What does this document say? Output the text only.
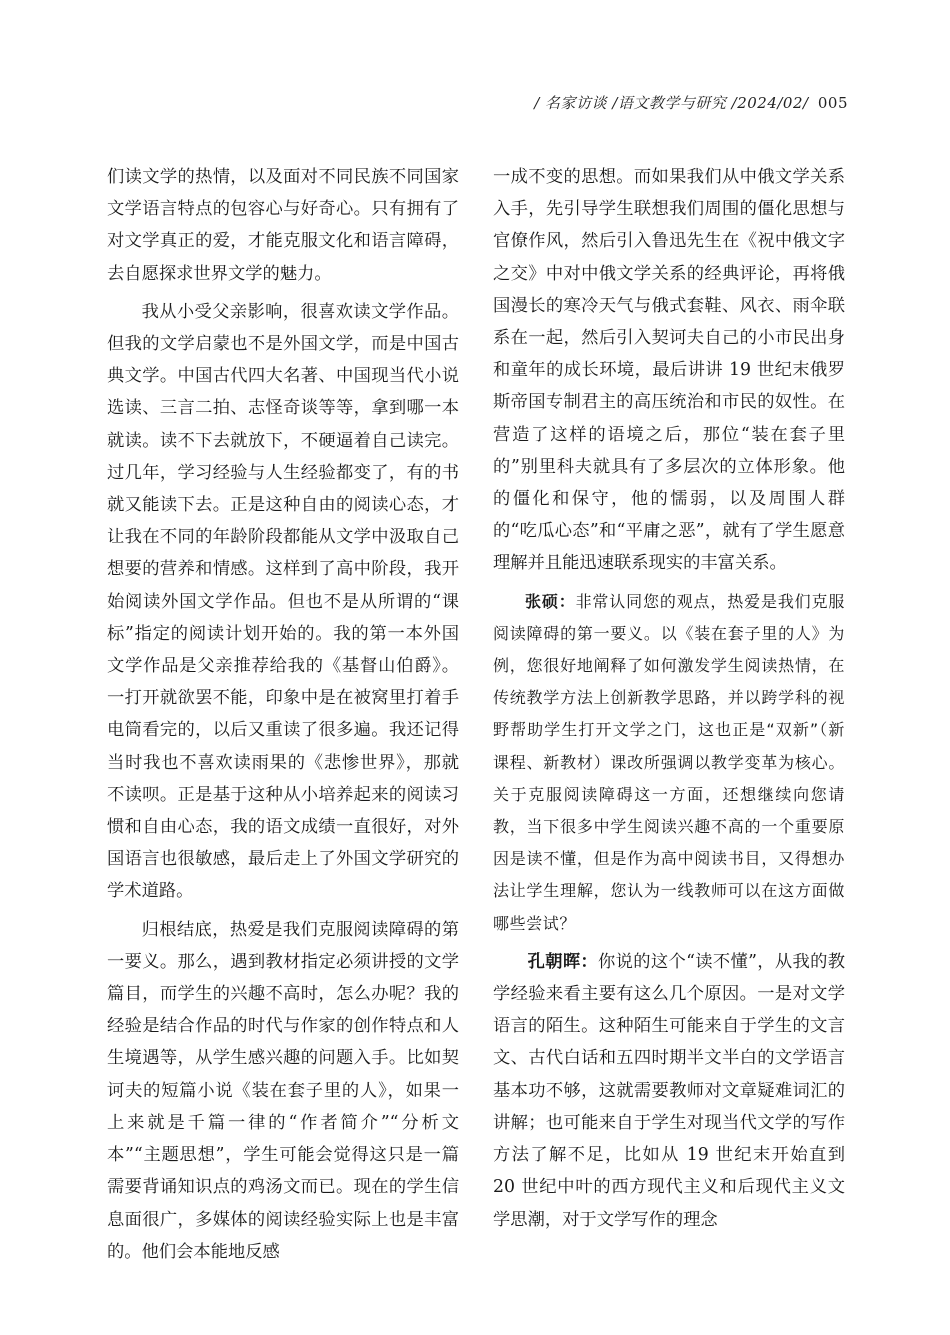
/ 名家访谈 /语文教学与研究 /2024/02/ 005

们读文学的热情，以及面对不同民族不同国家文学语言特点的包容心与好奇心。只有拥有了对文学真正的爱，才能克服文化和语言障碍，去自愿探求世界文学的魅力。

我从小受父亲影响，很喜欢读文学作品。但我的文学启蒙也不是外国文学，而是中国古典文学。中国古代四大名著、中国现当代小说选读、三言二拍、志怪奇谈等等，拿到哪一本就读。读不下去就放下，不硬逼着自己读完。过几年，学习经验与人生经验都变了，有的书就又能读下去。正是这种自由的阅读心态，才让我在不同的年龄阶段都能从文学中汲取自己想要的营养和情感。这样到了高中阶段，我开始阅读外国文学作品。但也不是从所谓的“课标”指定的阅读计划开始的。我的第一本外国文学作品是父亲推荐给我的《基督山伯爵》。一打开就欲罢不能，印象中是在被窝里打着手电筒看完的，以后又重读了很多遍。我还记得当时我也不喜欢读雨果的《悲惨世界》，那就不读呗。正是基于这种从小培养起来的阅读习惯和自由心态，我的语文成绩一直很好，对外国语言也很敏感，最后走上了外国文学研究的学术道路。

归根结底，热爱是我们克服阅读障碍的第一要义。那么，遇到教材指定必须讲授的文学篇目，而学生的兴趣不高时，怎么办呢？我的经验是结合作品的时代与作家的创作特点和人生境遇等，从学生感兴趣的问题入手。比如契诃夫的短篇小说《装在套子里的人》，如果一上来就是千篇一律的“作者简介”“分析文本”“主题思想”，学生可能会觉得这只是一篇需要背诵知识点的鸡汤文而已。现在的学生信息面很广，多媒体的阅读经验实际上也是丰富的。他们会本能地反感

一成不变的思想。而如果我们从中俄文学关系入手，先引导学生联想我们周围的僵化思想与官僚作风，然后引入鲁迅先生在《祝中俄文字之交》中对中俄文学关系的经典评论，再将俄国漫长的寒冷天气与俄式套鞋、风衣、雨伞联系在一起，然后引入契诃夫自己的小市民出身和童年的成长环境，最后讲讲 19 世纪末俄罗斯帝国专制君主的高压统治和市民的奴性。在营造了这样的语境之后，那位“装在套子里的”别里科夫就具有了多层次的立体形象。他的僵化和保守，他的懦弱，以及周围人群的“吃瓜心态”和“平庸之恶”，就有了学生愿意理解并且能迅速联系现实的丰富关系。

张硕：非常认同您的观点，热爱是我们克服阅读障碍的第一要义。以《装在套子里的人》为例，您很好地阐释了如何激发学生阅读热情，在传统教学方法上创新教学思路，并以跨学科的视野帮助学生打开文学之门，这也正是“双新”（新课程、新教材）课改所强调以教学变革为核心。关于克服阅读障碍这一方面，还想继续向您请教，当下很多中学生阅读兴趣不高的一个重要原因是读不懂，但是作为高中阅读书目，又得想办法让学生理解，您认为一线教师可以在这方面做哪些尝试？

孔朝晖：你说的这个“读不懂”，从我的教学经验来看主要有这么几个原因。一是对文学语言的陌生。这种陌生可能来自于学生的文言文、古代白话和五四时期半文半白的文学语言基本功不够，这就需要教师对文章疑难词汇的讲解；也可能来自于学生对现当代文学的写作方法了解不足，比如从 19 世纪末开始直到 20 世纪中叶的西方现代主义和后现代主义文学思潮，对于文学写作的理念
